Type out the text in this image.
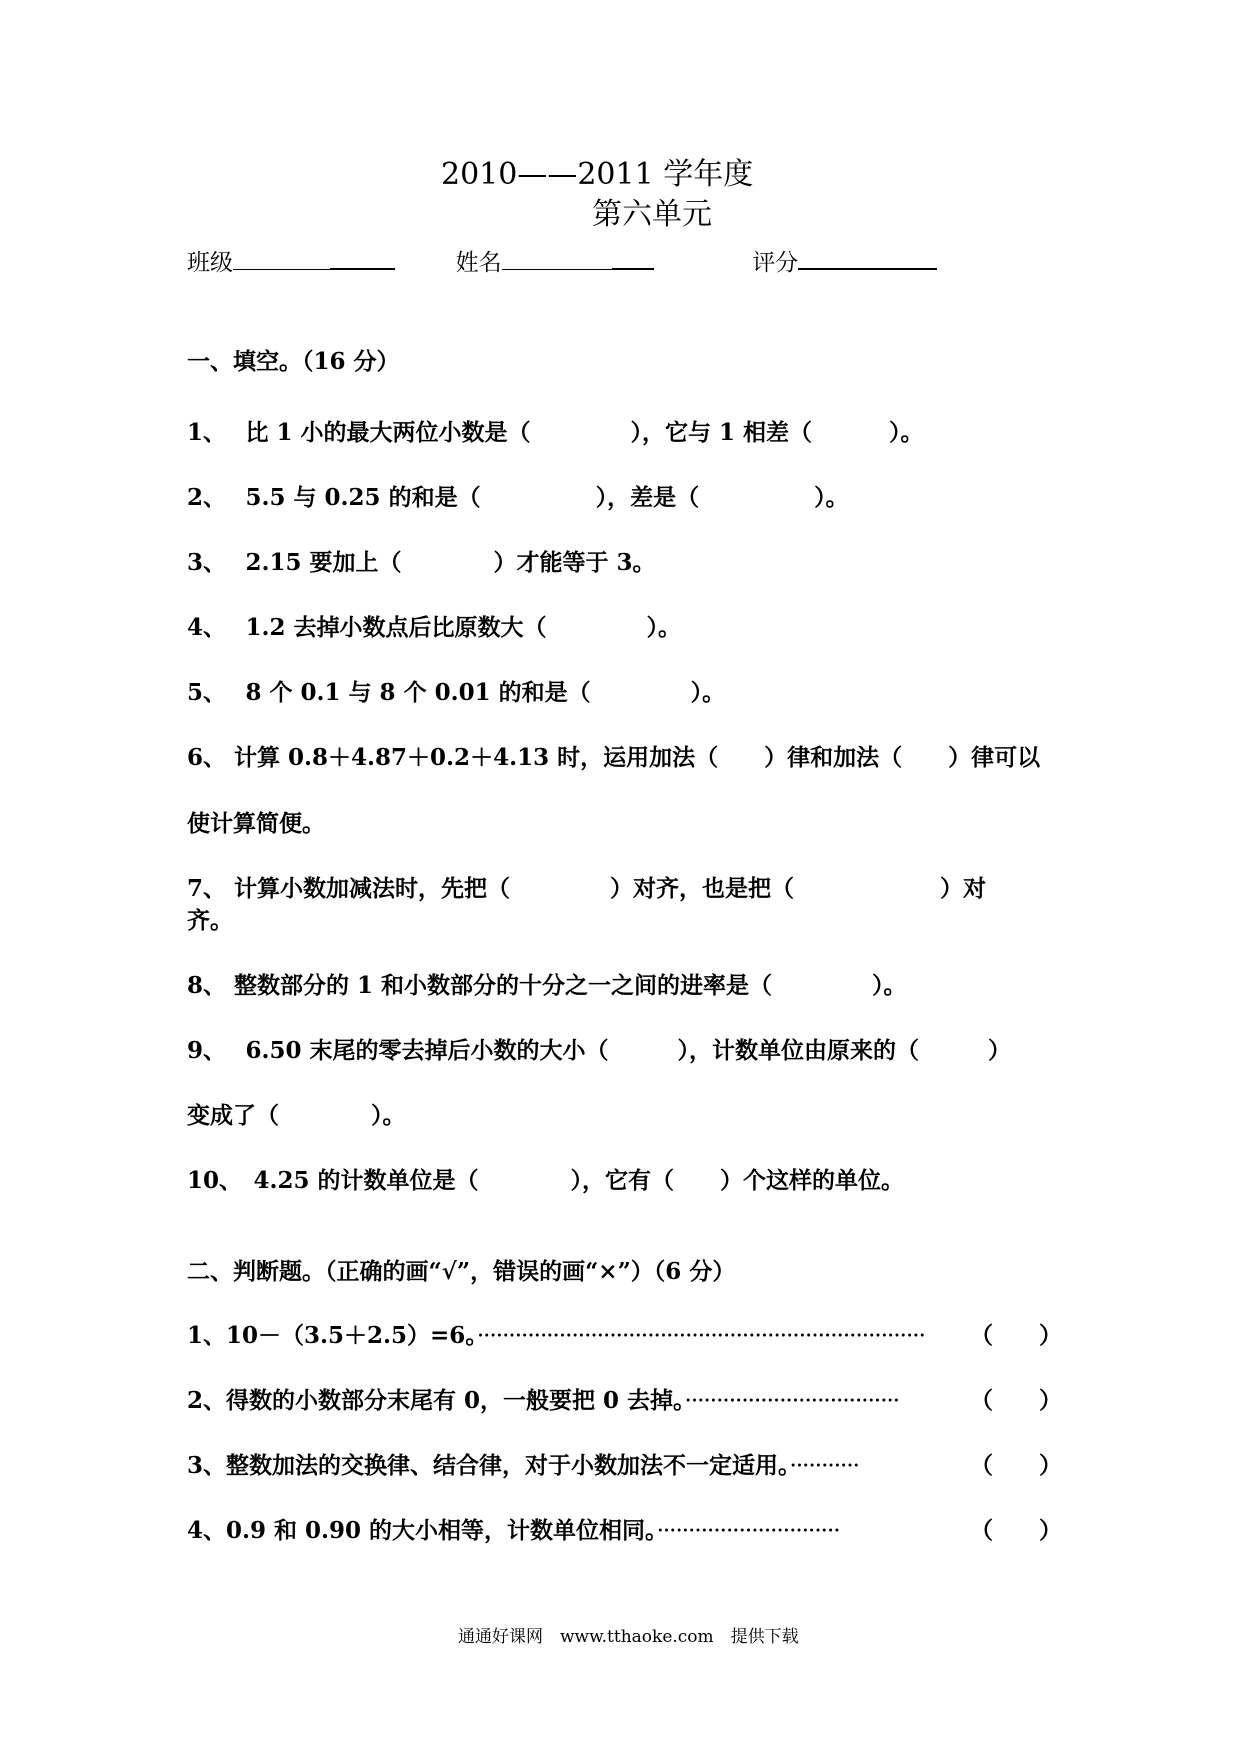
2010——2011 学年度
第六单元
班级	姓名	评分
一、填空。（16 分）
1、　 比 1 小的最大两位小数是（　　　　 ），它与 1 相差（　　　 ）。
2、　 5.5 与 0.25 的和是（　　　　　），差是（　　　　　）。
3、　 2.15 要加上（　　　　）才能等于 3。
4、　 1.2 去掉小数点后比原数大（　　　　 ）。
5、　 8 个 0.1 与 8 个 0.01 的和是（　　　　 ）。
6、 计算 0.8＋4.87＋0.2＋4.13 时，运用加法（　　）律和加法（　　）律可以
使计算简便。
7、 计算小数加减法时，先把（　　　　 ）对齐，也是把（　　　　　　 ）对
齐。
8、 整数部分的 1 和小数部分的十分之一之间的进率是（　　　　 ）。
9、　 6.50 末尾的零去掉后小数的大小（　　　），计数单位由原来的（　　　）
变成了（　　　　）。
10、　4.25 的计数单位是（　　　　），它有（　　）个这样的单位。
二、判断题。（正确的画“√”，错误的画“×”）（6 分）
1、10－（3.5＋2.5）=6。······································································· （　　）
2、得数的小数部分末尾有 0，一般要把 0 去掉。··································	（　　）
3、整数加法的交换律、结合律，对于小数加法不一定适用。···········	（　　）
4、0.9 和 0.90 的大小相等，计数单位相同。·····························	（　　）
通通好课网　www.tthaoke.com　提供下载
